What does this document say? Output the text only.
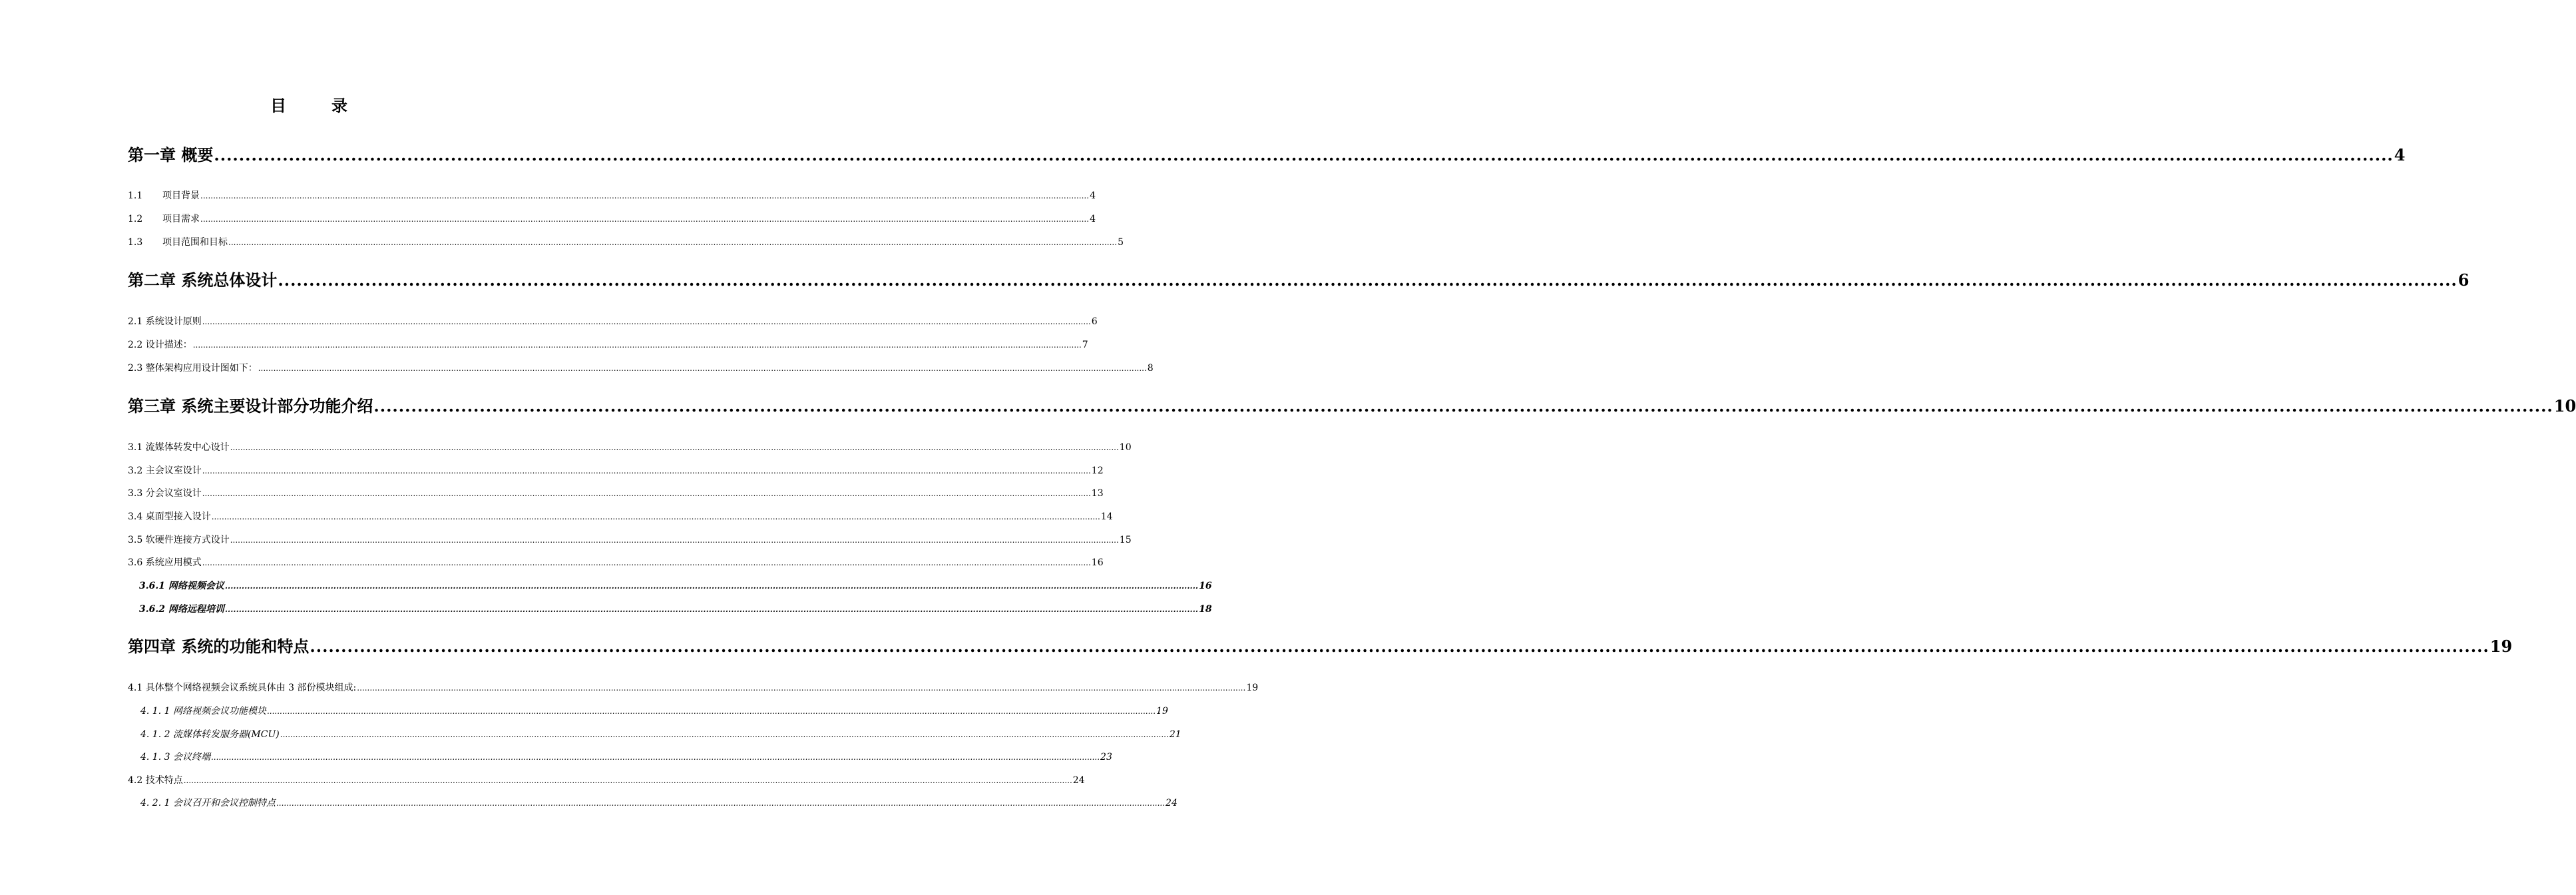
目　录
第一章 概要 .............................................................................................................................................................................................................................................................................................................................................................. 4
1.1 项目背景 .............................................................................................................................................................................................................................................................................................................................................................. 4
1.2 项目需求 .............................................................................................................................................................................................................................................................................................................................................................. 4
1.3 项目范围和目标 .............................................................................................................................................................................................................................................................................................................................................................. 5
第二章 系统总体设计 .............................................................................................................................................................................................................................................................................................................................................................. 6
2.1 系统设计原则 .............................................................................................................................................................................................................................................................................................................................................................. 6
2.2 设计描述： .............................................................................................................................................................................................................................................................................................................................................................. 7
2.3 整体架构应用设计图如下： .............................................................................................................................................................................................................................................................................................................................................................. 8
第三章 系统主要设计部分功能介绍 .............................................................................................................................................................................................................................................................................................................................................................. 10
3.1 流媒体转发中心设计 .............................................................................................................................................................................................................................................................................................................................................................. 10
3.2 主会议室设计 .............................................................................................................................................................................................................................................................................................................................................................. 12
3.3 分会议室设计 .............................................................................................................................................................................................................................................................................................................................................................. 13
3.4 桌面型接入设计 .............................................................................................................................................................................................................................................................................................................................................................. 14
3.5 软硬件连接方式设计 .............................................................................................................................................................................................................................................................................................................................................................. 15
3.6 系统应用模式 .............................................................................................................................................................................................................................................................................................................................................................. 16
3.6.1 网络视频会议 .............................................................................................................................................................................................................................................................................................................................................................. 16
3.6.2 网络远程培训 .............................................................................................................................................................................................................................................................................................................................................................. 18
第四章 系统的功能和特点 .............................................................................................................................................................................................................................................................................................................................................................. 19
4.1 具体整个网络视频会议系统具体由 3 部份模块组成: .............................................................................................................................................................................................................................................................................................................................................................. 19
4. 1. 1 网络视频会议功能模块 .............................................................................................................................................................................................................................................................................................................................................................. 19
4. 1. 2 流媒体转发服务器(MCU) .............................................................................................................................................................................................................................................................................................................................................................. 21
4. 1. 3 会议终端 .............................................................................................................................................................................................................................................................................................................................................................. 23
4.2 技术特点 .............................................................................................................................................................................................................................................................................................................................................................. 24
4. 2. 1 会议召开和会议控制特点 .............................................................................................................................................................................................................................................................................................................................................................. 24
